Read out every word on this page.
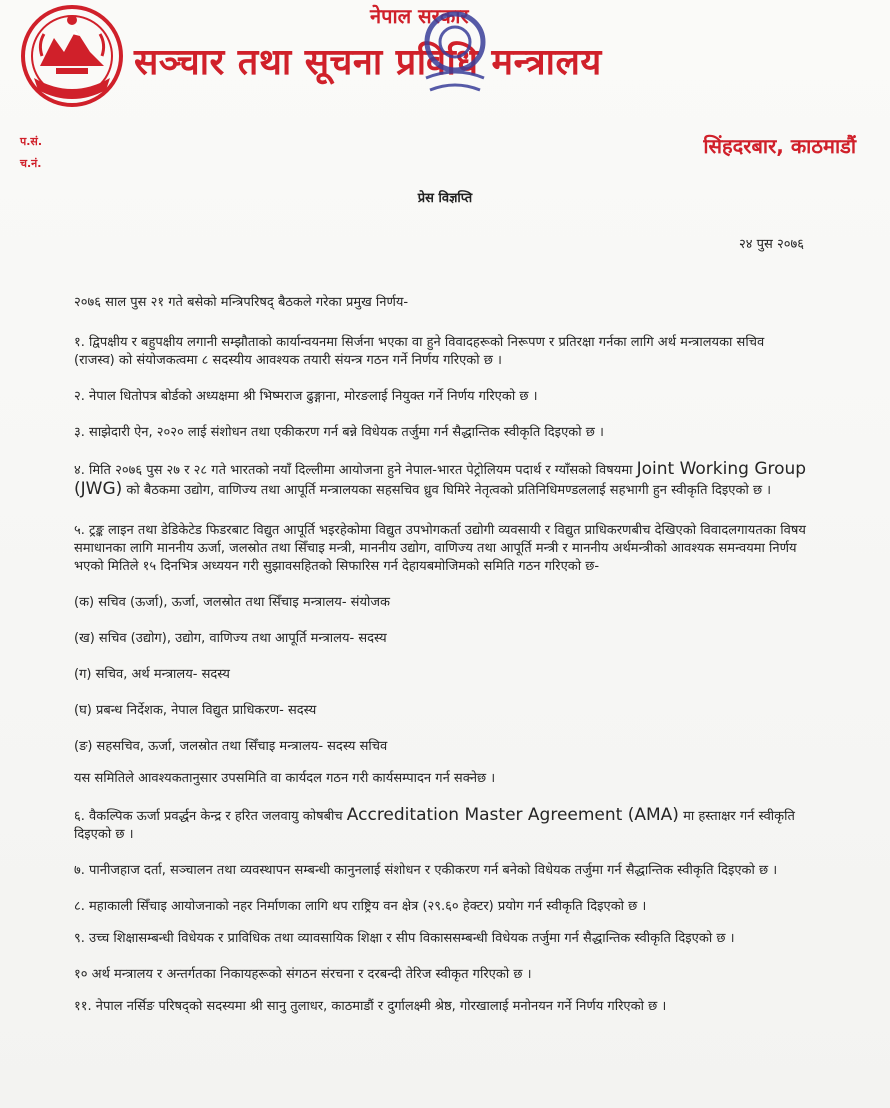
नेपाल सरकार
सञ्चार तथा सूचना प्रविधि मन्त्रालय
प.सं.
च.नं.
सिंहदरबार, काठमाडौं
प्रेस विज्ञप्ति
२४ पुस २०७६

२०७६ साल पुस २१ गते बसेको मन्त्रिपरिषद् बैठकले गरेका प्रमुख निर्णय-

१. द्विपक्षीय र बहुपक्षीय लगानी सम्झौताको कार्यान्वयनमा सिर्जना भएका वा हुने विवादहरूको निरूपण र प्रतिरक्षा गर्नका लागि अर्थ मन्त्रालयका सचिव (राजस्व) को संयोजकत्वमा ८ सदस्यीय आवश्यक तयारी संयन्त्र गठन गर्ने निर्णय गरिएको छ ।

२. नेपाल धितोपत्र बोर्डको अध्यक्षमा श्री भिष्मराज ढुङ्गाना, मोरङलाई नियुक्त गर्ने निर्णय गरिएको छ ।

३. साझेदारी ऐन, २०२० लाई संशोधन तथा एकीकरण गर्न बन्ने विधेयक तर्जुमा गर्न सैद्धान्तिक स्वीकृति दिइएको छ ।

४. मिति २०७६ पुस २७ र २८ गते भारतको नयाँ दिल्लीमा आयोजना हुने नेपाल-भारत पेट्रोलियम पदार्थ र ग्याँसको विषयमा Joint Working Group (JWG) को बैठकमा उद्योग, वाणिज्य तथा आपूर्ति मन्त्रालयका सहसचिव ध्रुव घिमिरे नेतृत्वको प्रतिनिधिमण्डललाई सहभागी हुन स्वीकृति दिइएको छ ।

५. ट्रङ्क लाइन तथा डेडिकेटेड फिडरबाट विद्युत आपूर्ति भइरहेकोमा विद्युत उपभोगकर्ता उद्योगी व्यवसायी र विद्युत प्राधिकरणबीच देखिएको विवादलगायतका विषय समाधानका लागि माननीय ऊर्जा, जलस्रोत तथा सिँचाइ मन्त्री, माननीय उद्योग, वाणिज्य तथा आपूर्ति मन्त्री र माननीय अर्थमन्त्रीको आवश्यक समन्वयमा निर्णय भएको मितिले १५ दिनभित्र अध्ययन गरी सुझावसहितको सिफारिस गर्न देहायबमोजिमको समिति गठन गरिएको छ-

(क) सचिव (ऊर्जा), ऊर्जा, जलस्रोत तथा सिँचाइ मन्त्रालय- संयोजक

(ख) सचिव (उद्योग), उद्योग, वाणिज्य तथा आपूर्ति मन्त्रालय- सदस्य

(ग) सचिव, अर्थ मन्त्रालय- सदस्य

(घ) प्रबन्ध निर्देशक, नेपाल विद्युत प्राधिकरण- सदस्य

(ङ) सहसचिव, ऊर्जा, जलस्रोत तथा सिँचाइ मन्त्रालय- सदस्य सचिव

यस समितिले आवश्यकतानुसार उपसमिति वा कार्यदल गठन गरी कार्यसम्पादन गर्न सक्नेछ ।

६. वैकल्पिक ऊर्जा प्रवर्द्धन केन्द्र र हरित जलवायु कोषबीच Accreditation Master Agreement (AMA) मा हस्ताक्षर गर्न स्वीकृति दिइएको छ ।

७. पानीजहाज दर्ता, सञ्चालन तथा व्यवस्थापन सम्बन्धी कानुनलाई संशोधन र एकीकरण गर्न बनेको विधेयक तर्जुमा गर्न सैद्धान्तिक स्वीकृति दिइएको छ ।

८. महाकाली सिँचाइ आयोजनाको नहर निर्माणका लागि थप राष्ट्रिय वन क्षेत्र (२९.६० हेक्टर) प्रयोग गर्न स्वीकृति दिइएको छ ।

९. उच्च शिक्षासम्बन्धी विधेयक र प्राविधिक तथा व्यावसायिक शिक्षा र सीप विकाससम्बन्धी विधेयक तर्जुमा गर्न सैद्धान्तिक स्वीकृति दिइएको छ ।

१० अर्थ मन्त्रालय र अन्तर्गतका निकायहरूको संगठन संरचना र दरबन्दी तेरिज स्वीकृत गरिएको छ ।

११. नेपाल नर्सिङ परिषद्को सदस्यमा श्री सानु तुलाधर, काठमाडौं र दुर्गालक्ष्मी श्रेष्ठ, गोरखालाई मनोनयन गर्ने निर्णय गरिएको छ ।
